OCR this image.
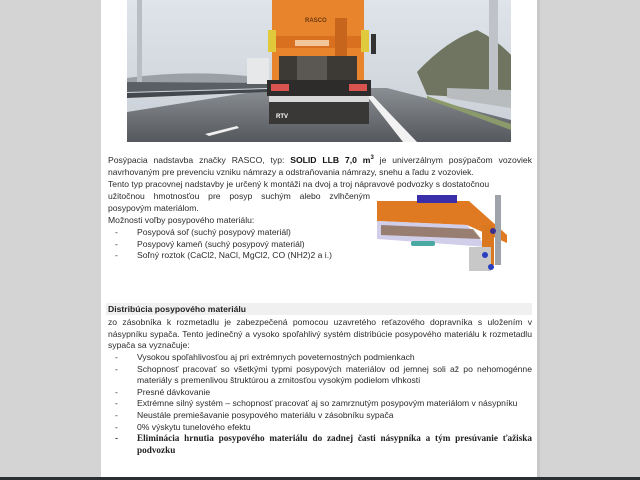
RASCO
RTV
Posýpacia nadstavba značky RASCO, typ: SOLID LLB 7,0 $m^3$ je univerzálnym posýpačom vozoviek navrhovaným pre prevenciu vzniku námrazy a odstraňovania námrazy, snehu a ľadu z vozoviek.
Tento typ pracovnej nadstavby je určený k montáži na dvoj a troj nápravové podvozky s dostatočnou
užitočnou hmotnosťou pre posyp suchým alebo zvlhčeným
posypovým materiálom.
Možnosti voľby posypového materiálu:
- Posypová soľ (suchý posypový materiál)
- Posypový kameň (suchý posypový materiál)
- Soľný roztok (CaCl2, NaCl, MgCl2, CO (NH2)2 a i.)
Distribúcia posypového materiálu
zo zásobníka k rozmetadlu je zabezpečená pomocou uzavretého reťazového dopravníka s uložením v násypníku sypača. Tento jedinečný a vysoko spoľahlivý systém distribúcie posypového materiálu k rozmetadlu sypača sa vyznačuje:
- Vysokou spoľahlivosťou aj pri extrémnych poveternostných podmienkach
- Schopnosť pracovať so všetkými typmi posypových materiálov od jemnej soli až po nehomogénne materiály s premenlivou štruktúrou a zrnitosťou vysokým podielom vlhkosti
- Presné dávkovanie
- Extrémne silný systém – schopnosť pracovať aj so zamrznutým posypovým materiálom v násypníku
- Neustále premiešavanie posypového materiálu v zásobníku sypača
- 0% výskytu tunelového efektu
- Eliminácia hrnutia posypového materiálu do zadnej časti násypníka a tým presúvanie ťažiska podvozku
